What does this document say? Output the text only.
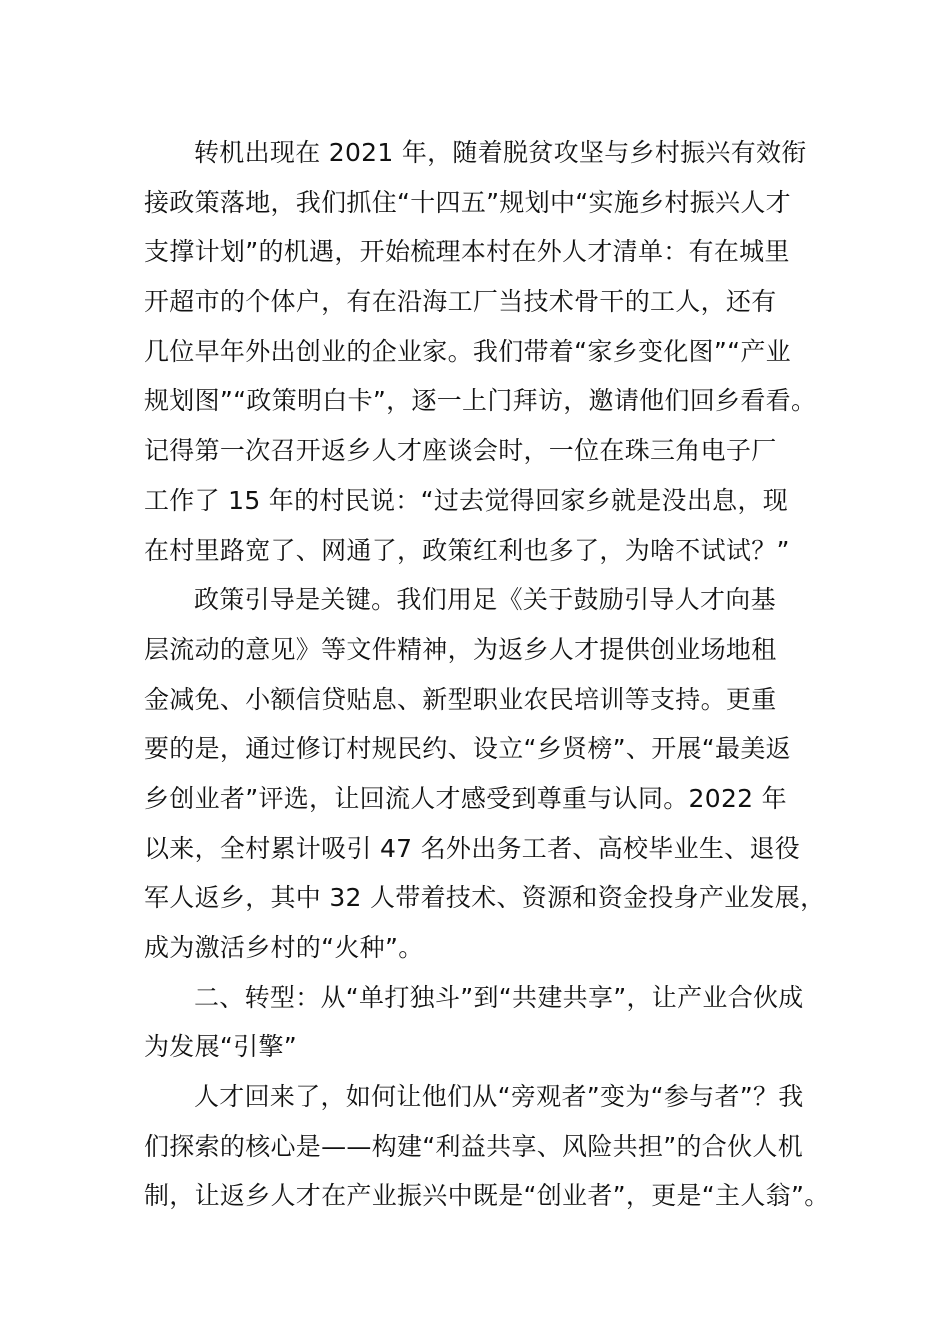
转机出现在 2021 年，随着脱贫攻坚与乡村振兴有效衔
接政策落地，我们抓住“十四五”规划中“实施乡村振兴人才
支撑计划”的机遇，开始梳理本村在外人才清单：有在城里
开超市的个体户，有在沿海工厂当技术骨干的工人，还有
几位早年外出创业的企业家。我们带着“家乡变化图”“产业
规划图”“政策明白卡”，逐一上门拜访，邀请他们回乡看看。
记得第一次召开返乡人才座谈会时，一位在珠三角电子厂
工作了 15 年的村民说：“过去觉得回家乡就是没出息，现
在村里路宽了、网通了，政策红利也多了，为啥不试试？”
政策引导是关键。我们用足《关于鼓励引导人才向基
层流动的意见》等文件精神，为返乡人才提供创业场地租
金减免、小额信贷贴息、新型职业农民培训等支持。更重
要的是，通过修订村规民约、设立“乡贤榜”、开展“最美返
乡创业者”评选，让回流人才感受到尊重与认同。2022 年
以来，全村累计吸引 47 名外出务工者、高校毕业生、退役
军人返乡，其中 32 人带着技术、资源和资金投身产业发展，
成为激活乡村的“火种”。
二、转型：从“单打独斗”到“共建共享”，让产业合伙成
为发展“引擎”
人才回来了，如何让他们从“旁观者”变为“参与者”？我
们探索的核心是——构建“利益共享、风险共担”的合伙人机
制，让返乡人才在产业振兴中既是“创业者”，更是“主人翁”。
